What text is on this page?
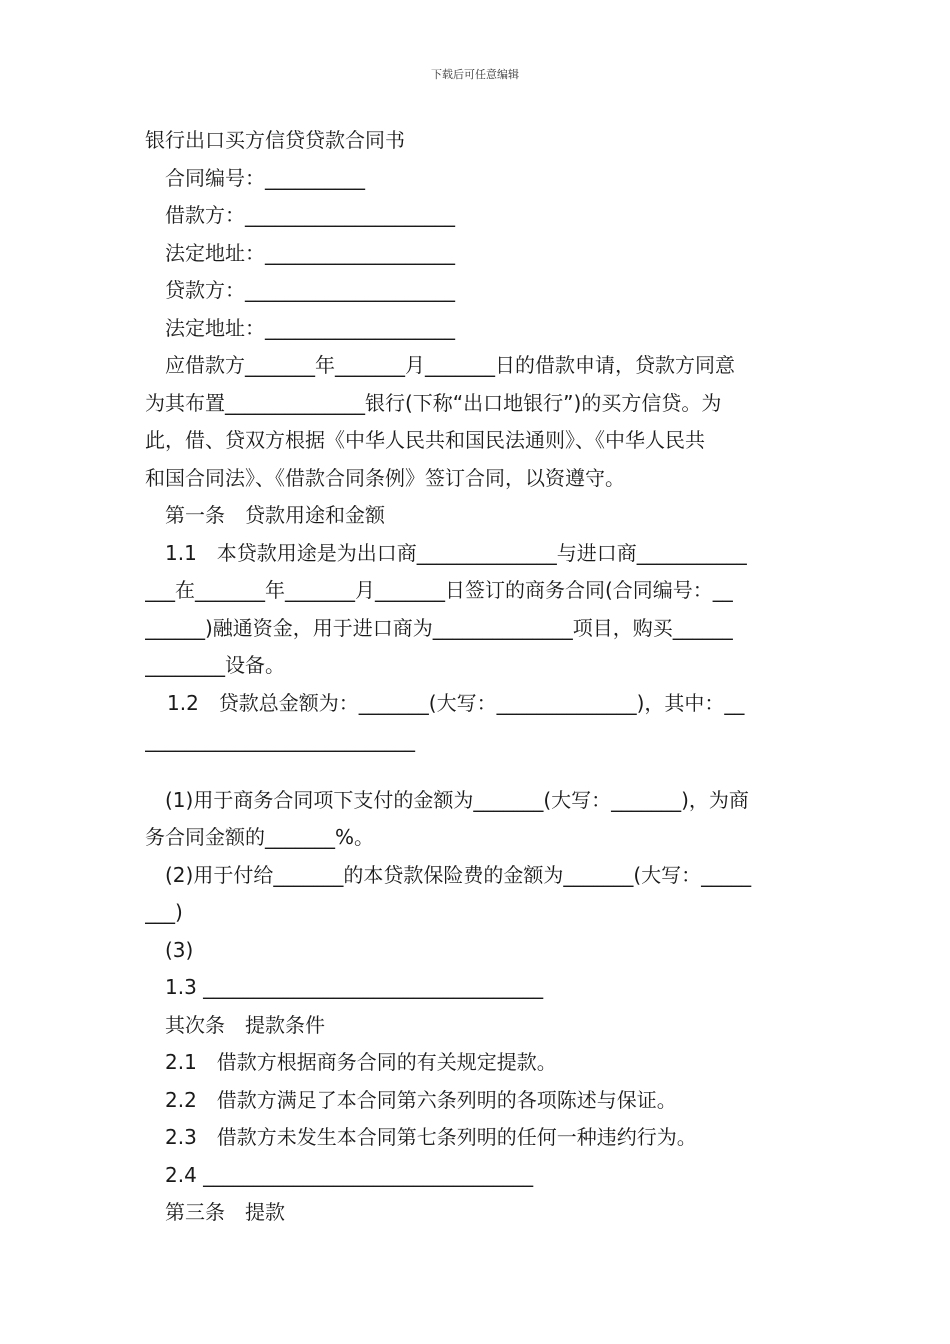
下载后可任意编辑
银行出口买方信贷贷款合同书
合同编号：__________
借款方：_____________________
法定地址：___________________
贷款方：_____________________
法定地址：___________________
应借款方_______年_______月_______日的借款申请，贷款方同意
为其布置______________银行(下称“出口地银行”)的买方信贷。为
此，借、贷双方根据《中华人民共和国民法通则》、《中华人民共
和国合同法》、《借款合同条例》签订合同，以资遵守。
第一条　贷款用途和金额
1.1　本贷款用途是为出口商______________与进口商___________
___在_______年_______月_______日签订的商务合同(合同编号：__
______)融通资金，用于进口商为______________项目，购买______
________设备。
1.2　贷款总金额为：_______(大写：______________)，其中：__
___________________________
(1)用于商务合同项下支付的金额为_______(大写：_______)，为商
务合同金额的_______%。
(2)用于付给_______的本贷款保险费的金额为_______(大写：_____
___)
(3)
1.3 __________________________________
其次条　提款条件
2.1　借款方根据商务合同的有关规定提款。
2.2　借款方满足了本合同第六条列明的各项陈述与保证。
2.3　借款方未发生本合同第七条列明的任何一种违约行为。
2.4 _________________________________
第三条　提款
